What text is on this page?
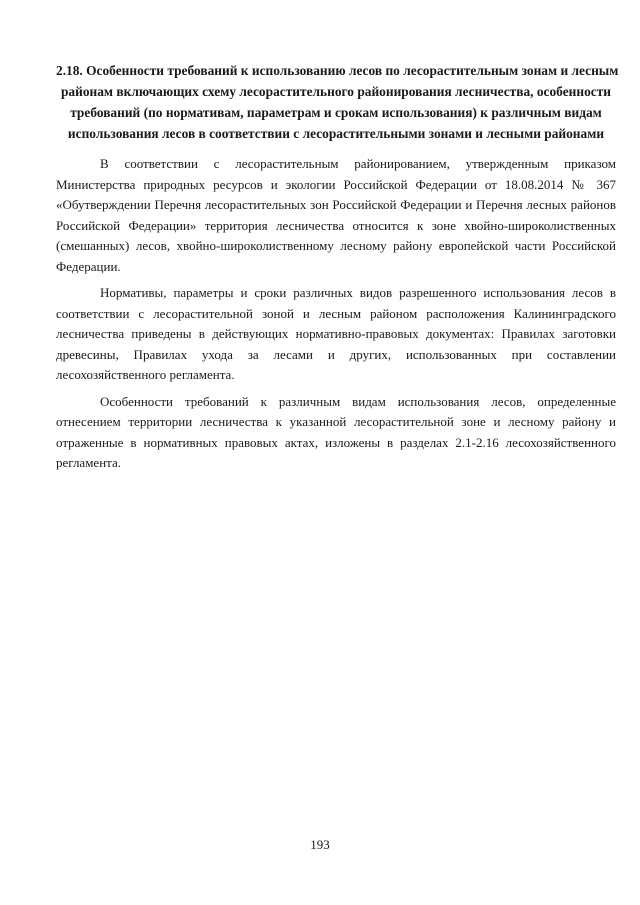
2.18. Особенности требований к использованию лесов по лесорастительным зонам и лесным
районам включающих схему лесорастительного районирования лесничества, особенности
требований (по нормативам, параметрам и срокам использования) к различным видам
использования лесов в соответствии с лесорастительными зонами и лесными районами

В соответствии с лесорастительным районированием, утвержденным приказом Министерства природных ресурсов и экологии Российской Федерации от 18.08.2014 № 367 «Обутверждении Перечня лесорастительных зон Российской Федерации и Перечня лесных районов Российской Федерации» территория лесничества относится к зоне хвойно-широколиственных (смешанных) лесов, хвойно-широколиственному лесному району европейской части Российской Федерации.

Нормативы, параметры и сроки различных видов разрешенного использования лесов в соответствии с лесорастительной зоной и лесным районом расположения Калининградского лесничества приведены в действующих нормативно-правовых документах: Правилах заготовки древесины, Правилах ухода за лесами и других, использованных при составлении лесохозяйственного регламента.

Особенности требований к различным видам использования лесов, определенные отнесением территории лесничества к указанной лесорастительной зоне и лесному району и отраженные в нормативных правовых актах, изложены в разделах 2.1-2.16 лесохозяйственного регламента.

193
